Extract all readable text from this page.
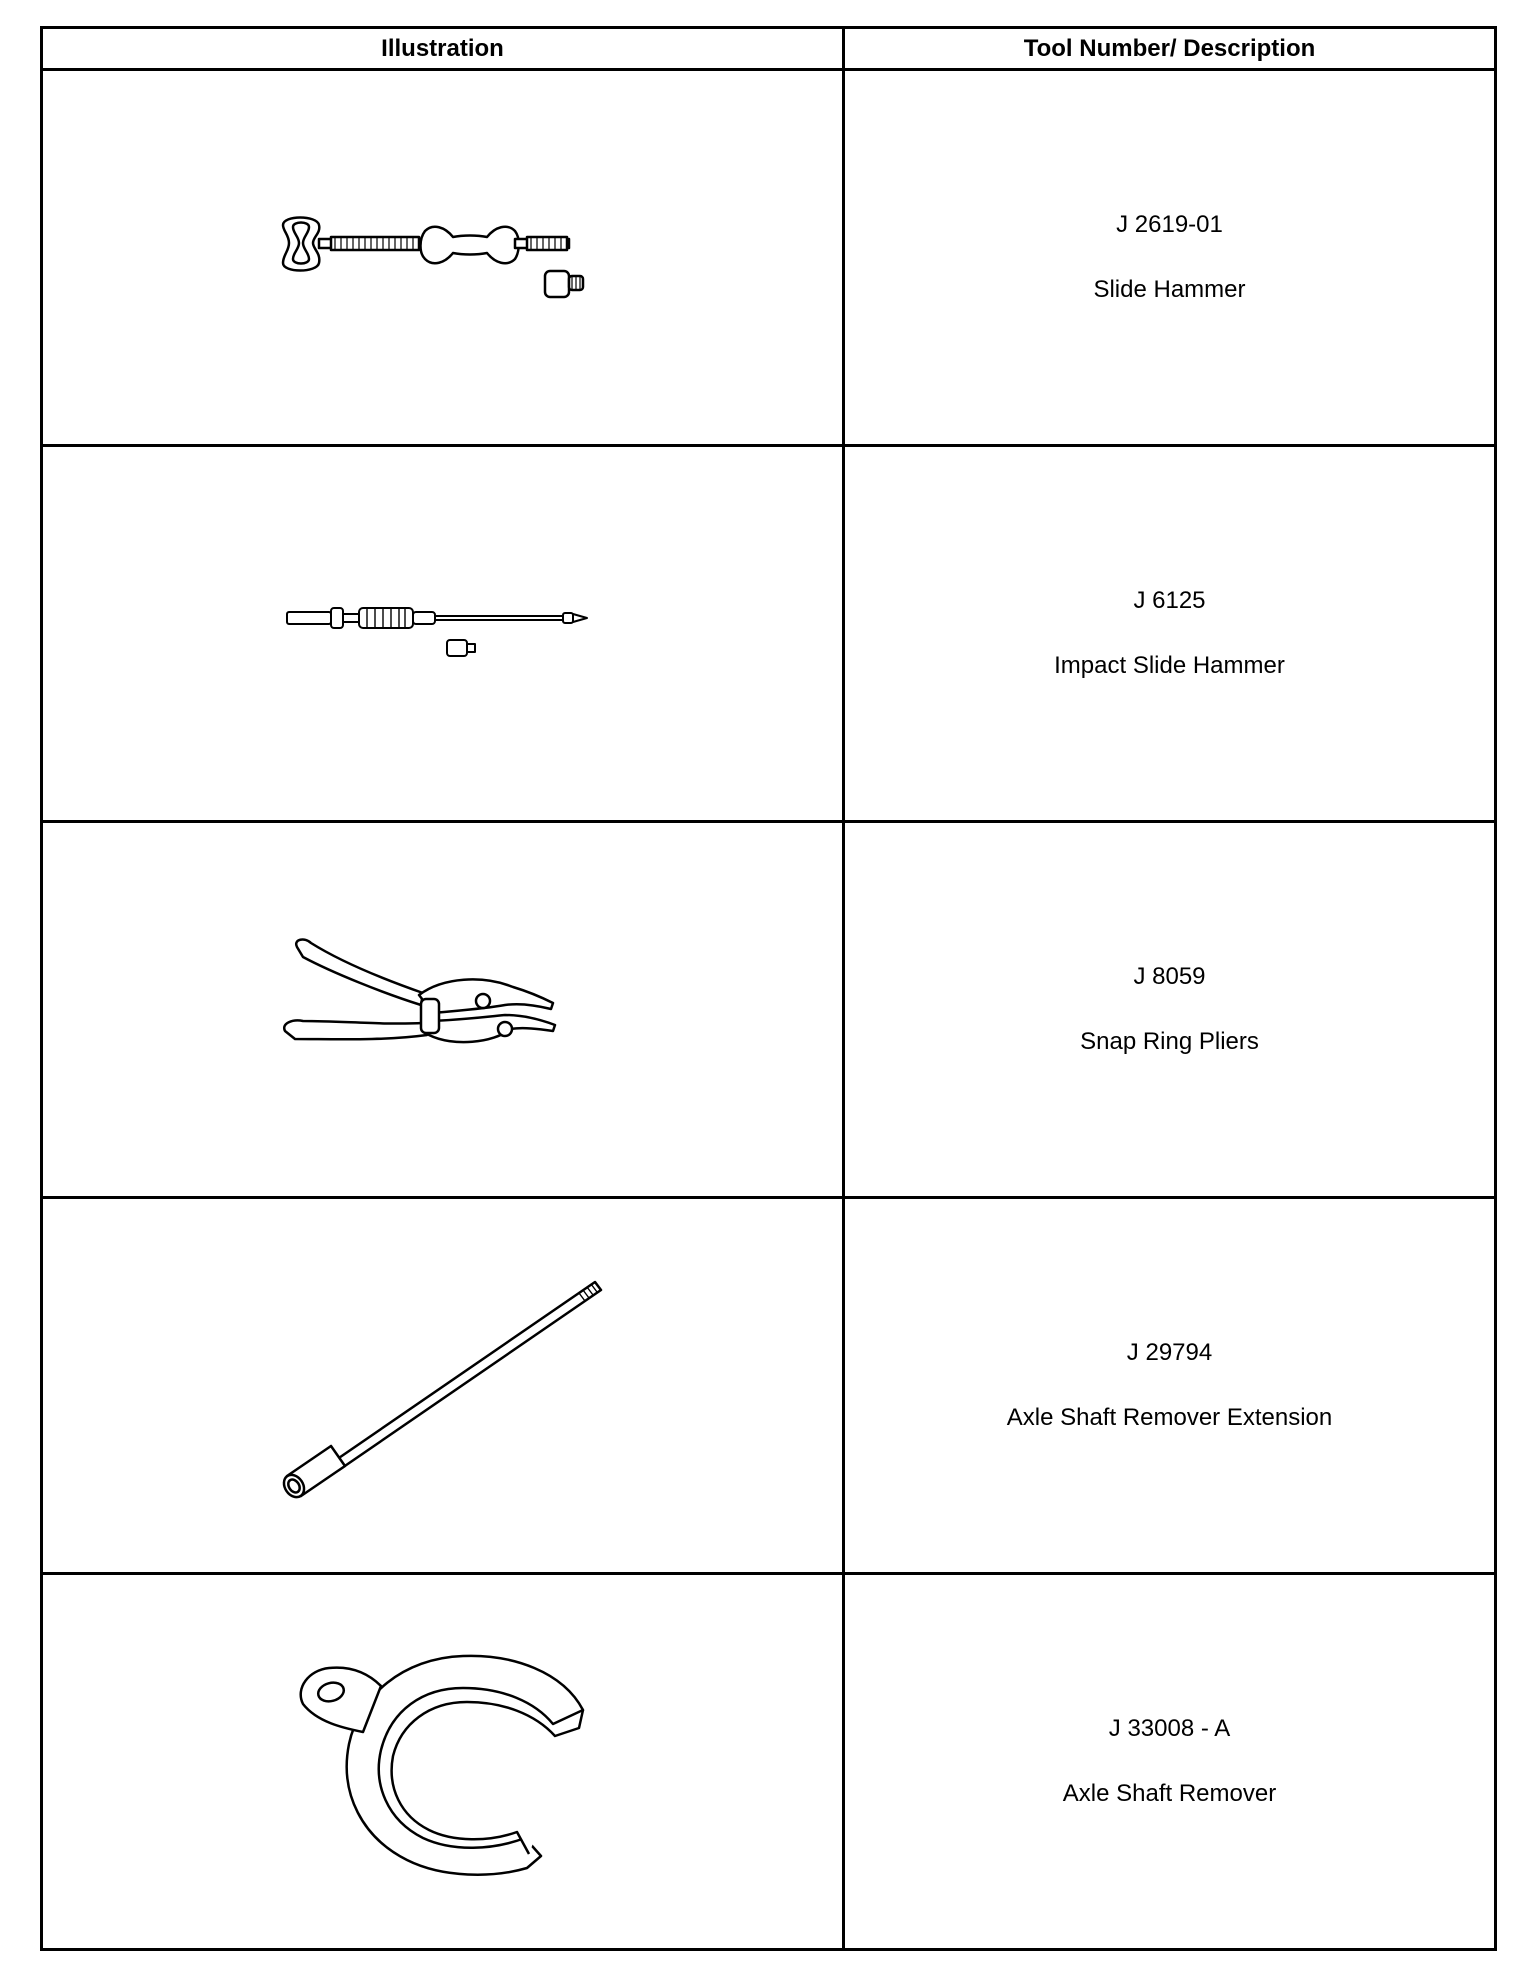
Illustration	Tool Number/ Description

J 2619-01
Slide Hammer

J 6125
Impact Slide Hammer

J 8059
Snap Ring Pliers

J 29794
Axle Shaft Remover Extension

J 33008 - A
Axle Shaft Remover
